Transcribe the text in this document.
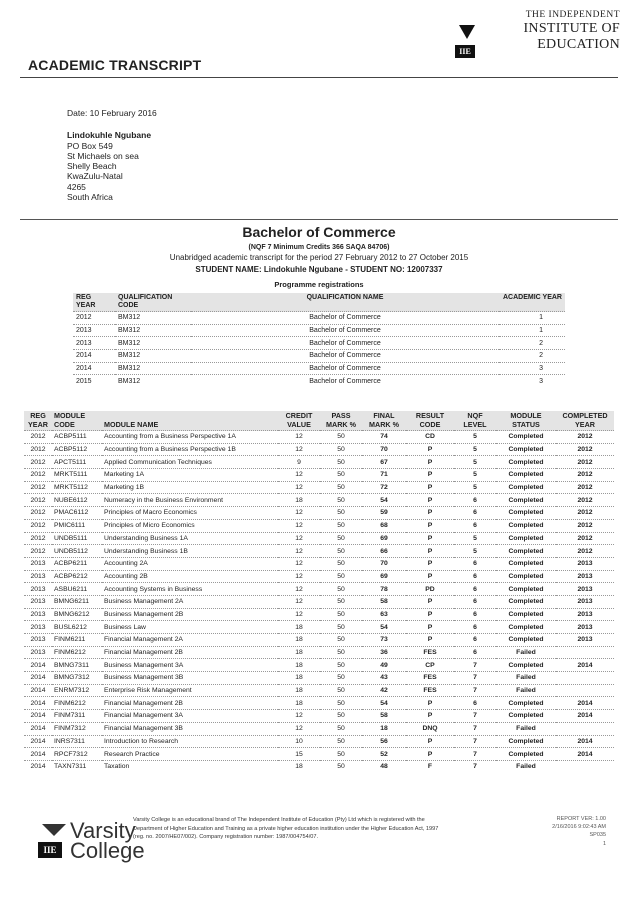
ACADEMIC TRANSCRIPT
IIE
THE INDEPENDENT
INSTITUTE OF
EDUCATION
Date: 10 February 2016
Lindokuhle Ngubane
PO Box 549
St Michaels on sea
Shelly Beach
KwaZulu-Natal
4265
South Africa
Bachelor of Commerce
(NQF 7 Minimum Credits 366 SAQA 84706)
Unabridged academic transcript for the period 27 February 2012 to 27 October 2015
STUDENT NAME: Lindokuhle Ngubane - STUDENT NO: 12007337
Programme registrations
REG YEAR	QUALIFICATION CODE	QUALIFICATION NAME	ACADEMIC YEAR
2012	BM312	Bachelor of Commerce	1
2013	BM312	Bachelor of Commerce	1
2013	BM312	Bachelor of Commerce	2
2014	BM312	Bachelor of Commerce	2
2014	BM312	Bachelor of Commerce	3
2015	BM312	Bachelor of Commerce	3
REG YEAR	MODULE CODE	MODULE NAME	CREDIT VALUE	PASS MARK %	FINAL MARK %	RESULT CODE	NQF LEVEL	MODULE STATUS	COMPLETED YEAR
2012	ACBP5111	Accounting from a Business Perspective 1A	12	50	74	CD	5	Completed	2012
2012	ACBP5112	Accounting from a Business Perspective 1B	12	50	70	P	5	Completed	2012
2012	APCT5111	Applied Communication Techniques	9	50	67	P	5	Completed	2012
2012	MRKT5111	Marketing 1A	12	50	71	P	5	Completed	2012
2012	MRKT5112	Marketing 1B	12	50	72	P	5	Completed	2012
2012	NUBE6112	Numeracy in the Business Environment	18	50	54	P	6	Completed	2012
2012	PMAC6112	Principles of Macro Economics	12	50	59	P	6	Completed	2012
2012	PMIC6111	Principles of Micro Economics	12	50	68	P	6	Completed	2012
2012	UNDB5111	Understanding Business 1A	12	50	69	P	5	Completed	2012
2012	UNDB5112	Understanding Business 1B	12	50	66	P	5	Completed	2012
2013	ACBP6211	Accounting 2A	12	50	70	P	6	Completed	2013
2013	ACBP6212	Accounting 2B	12	50	69	P	6	Completed	2013
2013	ASBU6211	Accounting Systems in Business	12	50	78	PD	6	Completed	2013
2013	BMNG6211	Business Management 2A	12	50	58	P	6	Completed	2013
2013	BMNG6212	Business Management 2B	12	50	63	P	6	Completed	2013
2013	BUSL6212	Business Law	18	50	54	P	6	Completed	2013
2013	FINM6211	Financial Management 2A	18	50	73	P	6	Completed	2013
2013	FINM6212	Financial Management 2B	18	50	36	FES	6	Failed	
2014	BMNG7311	Business Management 3A	18	50	49	CP	7	Completed	2014
2014	BMNG7312	Business Management 3B	18	50	43	FES	7	Failed	
2014	ENRM7312	Enterprise Risk Management	18	50	42	FES	7	Failed	
2014	FINM6212	Financial Management 2B	18	50	54	P	6	Completed	2014
2014	FINM7311	Financial Management 3A	12	50	58	P	7	Completed	2014
2014	FINM7312	Financial Management 3B	12	50	18	DNQ	7	Failed	
2014	INRS7311	Introduction to Research	10	50	56	P	7	Completed	2014
2014	RPCF7312	Research Practice	15	50	52	P	7	Completed	2014
2014	TAXN7311	Taxation	18	50	48	F	7	Failed	
IIE
Varsity
College
Varsity College is an educational brand of The Independent Institute of Education (Pty) Ltd which is registered with the Department of Higher Education and Training as a private higher education institution under the Higher Education Act, 1997 (reg. no. 2007/HE07/002). Company registration number: 1987/004754/07.
REPORT VER: 1.00
2/16/2016 9:02:43 AM
SP035
1
